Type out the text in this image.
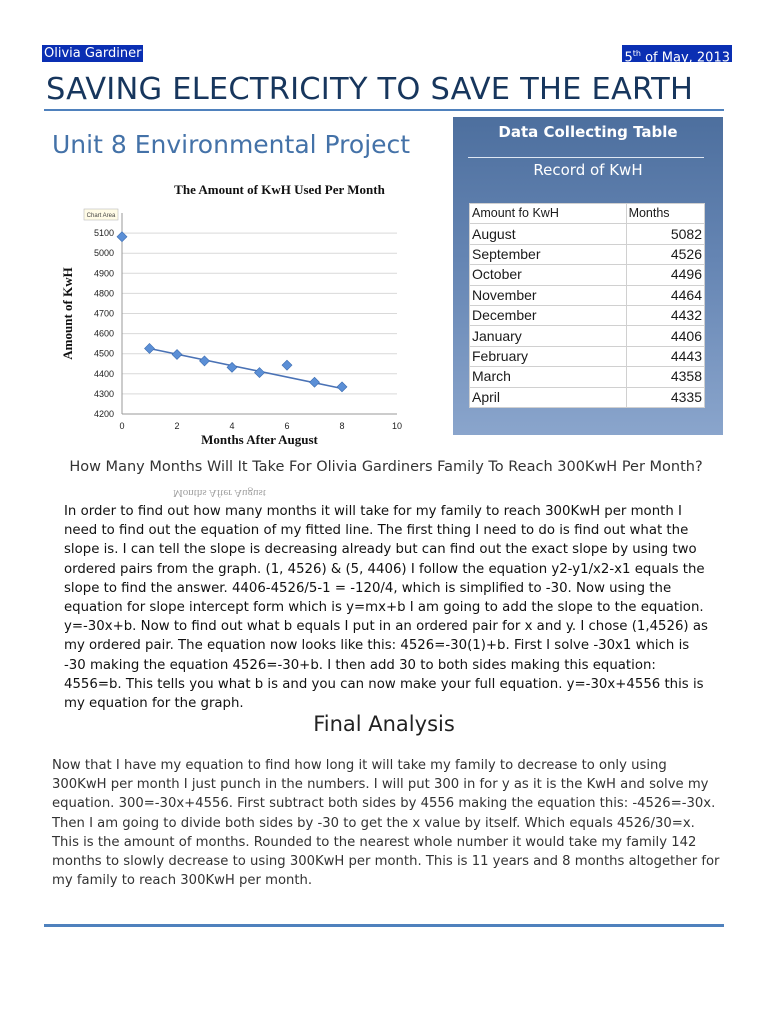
Olivia Gardiner	5th of May, 2013
SAVING ELECTRICITY TO SAVE THE EARTH
Unit 8 Environmental Project	Data Collecting Table
Record of KwH
Amount fo KwH	Months
August	5082
September	4526
October	4496
November	4464
December	4432
January	4406
February	4443
March	4358
April	4335
The Amount of KwH Used Per Month
4200
4300
4400
4500
4600
4700
4800
4900
5000
5100
0	2	4	6	8	10
Months After August
Amount of KwH
Chart Area
How Many Months Will It Take For Olivia Gardiners Family To Reach 300KwH Per Month?
Months After August

In order to find out how many months it will take for my family to reach 300KwH per month I need to find out the equation of my fitted line. The first thing I need to do is find out what the slope is. I can tell the slope is decreasing already but can find out the exact slope by using two ordered pairs from the graph. (1, 4526) & (5, 4406) I follow the equation y2-y1/x2-x1 equals the slope to find the answer. 4406-4526/5-1 = -120/4, which is simplified to -30. Now using the equation for slope intercept form which is y=mx+b I am going to add the slope to the equation. y=-30x+b. Now to find out what b equals I put in an ordered pair for x and y. I chose (1,4526) as my ordered pair. The equation now looks like this: 4526=-30(1)+b. First I solve -30x1 which is -30 making the equation 4526=-30+b. I then add 30 to both sides making this equation: 4556=b. This tells you what b is and you can now make your full equation. y=-30x+4556 this is my equation for the graph.

Final Analysis

Now that I have my equation to find how long it will take my family to decrease to only using 300KwH per month I just punch in the numbers. I will put 300 in for y as it is the KwH and solve my equation. 300=-30x+4556. First subtract both sides by 4556 making the equation this: -4526=-30x. Then I am going to divide both sides by -30 to get the x value by itself. Which equals 4526/30=x. This is the amount of months. Rounded to the nearest whole number it would take my family 142 months to slowly decrease to using 300KwH per month. This is 11 years and 8 months altogether for my family to reach 300KwH per month.
